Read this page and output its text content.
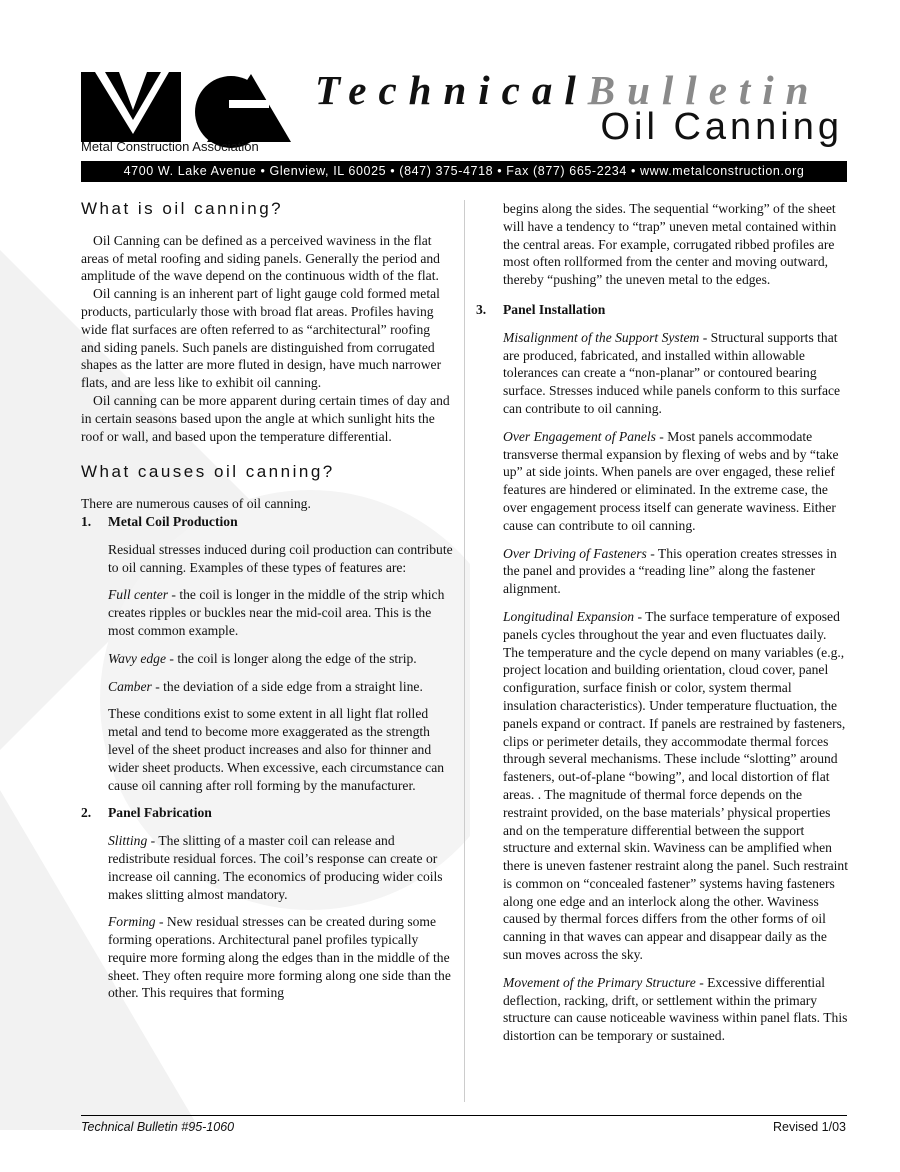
Metal Construction Association
TechnicalBulletin
Oil Canning
4700 W. Lake Avenue • Glenview, IL 60025 • (847) 375-4718 • Fax (877) 665-2234 • www.metalconstruction.org
What is oil canning?

Oil Canning can be defined as a perceived waviness in the flat areas of metal roofing and siding panels. Generally the period and amplitude of the wave depend on the continuous width of the flat.

Oil canning is an inherent part of light gauge cold formed metal products, particularly those with broad flat areas. Profiles having wide flat surfaces are often referred to as “architectural” roofing and siding panels. Such panels are distinguished from corrugated shapes as the latter are more fluted in design, have much narrower flats, and are less like to exhibit oil canning.

Oil canning can be more apparent during certain times of day and in certain seasons based upon the angle at which sunlight hits the roof or wall, and based upon the temperature differential.

What causes oil canning?

There are numerous causes of oil canning.

1. Metal Coil Production

Residual stresses induced during coil production can contribute to oil canning. Examples of these types of features are:

Full center - the coil is longer in the middle of the strip which creates ripples or buckles near the mid-coil area. This is the most common example.

Wavy edge - the coil is longer along the edge of the strip.

Camber - the deviation of a side edge from a straight line.

These conditions exist to some extent in all light flat rolled metal and tend to become more exaggerated as the strength level of the sheet product increases and also for thinner and wider sheet products. When excessive, each circumstance can cause oil canning after roll forming by the manufacturer.

2. Panel Fabrication

Slitting - The slitting of a master coil can release and redistribute residual forces. The coil’s response can create or increase oil canning. The economics of producing wider coils makes slitting almost mandatory.

Forming - New residual stresses can be created during some forming operations. Architectural panel profiles typically require more forming along the edges than in the middle of the sheet. They often require more forming along one side than the other. This requires that forming

begins along the sides. The sequential “working” of the sheet will have a tendency to “trap” uneven metal contained within the central areas. For example, corrugated ribbed profiles are most often rollformed from the center and moving outward, thereby “pushing” the uneven metal to the edges.

3. Panel Installation

Misalignment of the Support System - Structural supports that are produced, fabricated, and installed within allowable tolerances can create a “non-planar” or contoured bearing surface. Stresses induced while panels conform to this surface can contribute to oil canning.

Over Engagement of Panels - Most panels accommodate transverse thermal expansion by flexing of webs and by “take up” at side joints. When panels are over engaged, these relief features are hindered or eliminated. In the extreme case, the over engagement process itself can generate waviness. Either cause can contribute to oil canning.

Over Driving of Fasteners - This operation creates stresses in the panel and provides a “reading line” along the fastener alignment.

Longitudinal Expansion - The surface temperature of exposed panels cycles throughout the year and even fluctuates daily. The temperature and the cycle depend on many variables (e.g., project location and building orientation, cloud cover, panel configuration, surface finish or color, system thermal insulation characteristics). Under temperature fluctuation, the panels expand or contract. If panels are restrained by fasteners, clips or perimeter details, they accommodate thermal forces through several mechanisms. These include “slotting” around fasteners, out-of-plane “bowing”, and local distortion of flat areas. . The magnitude of thermal force depends on the restraint provided, on the base materials’ physical properties and on the temperature differential between the support structure and external skin. Waviness can be amplified when there is uneven fastener restraint along the panel. Such restraint is common on “concealed fastener” systems having fasteners along one edge and an interlock along the other. Waviness caused by thermal forces differs from the other forms of oil canning in that waves can appear and disappear daily as the sun moves across the sky.

Movement of the Primary Structure - Excessive differential deflection, racking, drift, or settlement within the primary structure can cause noticeable waviness within panel flats. This distortion can be temporary or sustained.

Technical Bulletin #95-1060	Revised 1/03
